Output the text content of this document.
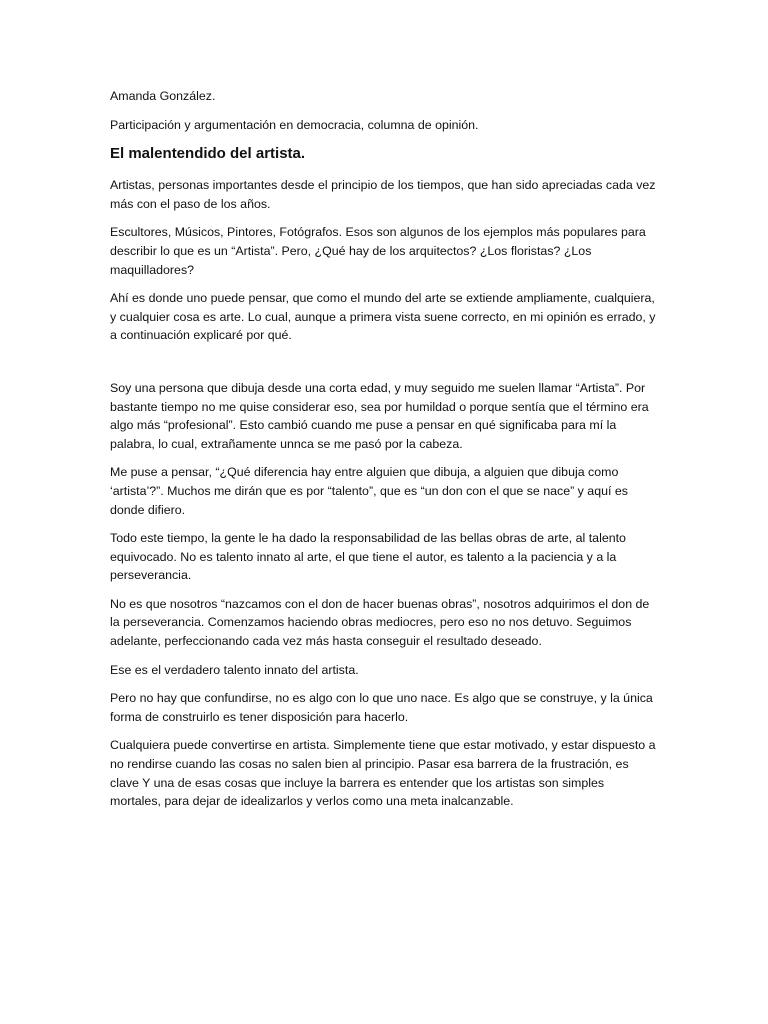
Amanda González.

Participación y argumentación en democracia, columna de opinión.

El malentendido del artista.

Artistas, personas importantes desde el principio de los tiempos, que han sido apreciadas cada vez más con el paso de los años.

Escultores, Músicos, Pintores, Fotógrafos. Esos son algunos de los ejemplos más populares para describir lo que es un “Artista”. Pero, ¿Qué hay de los arquitectos? ¿Los floristas? ¿Los maquilladores?

Ahí es donde uno puede pensar, que como el mundo del arte se extiende ampliamente, cualquiera, y cualquier cosa es arte. Lo cual, aunque a primera vista suene correcto, en mi opinión es errado, y a continuación explicaré por qué.

Soy una persona que dibuja desde una corta edad, y muy seguido me suelen llamar “Artista”. Por bastante tiempo no me quise considerar eso, sea por humildad o porque sentía que el término era algo más “profesional”. Esto cambió cuando me puse a pensar en qué significaba para mí la palabra, lo cual, extrañamente unnca se me pasó por la cabeza.

Me puse a pensar, “¿Qué diferencia hay entre alguien que dibuja, a alguien que dibuja como ‘artista’?”. Muchos me dirán que es por “talento”, que es “un don con el que se nace” y aquí es donde difiero.

Todo este tiempo, la gente le ha dado la responsabilidad de las bellas obras de arte, al talento equivocado. No es talento innato al arte, el que tiene el autor, es talento a la paciencia y a la perseverancia.

No es que nosotros “nazcamos con el don de hacer buenas obras”, nosotros adquirimos el don de la perseverancia. Comenzamos haciendo obras mediocres, pero eso no nos detuvo. Seguimos adelante, perfeccionando cada vez más hasta conseguir el resultado deseado.

Ese es el verdadero talento innato del artista.

Pero no hay que confundirse, no es algo con lo que uno nace. Es algo que se construye, y la única forma de construirlo es tener disposición para hacerlo.

Cualquiera puede convertirse en artista. Simplemente tiene que estar motivado, y estar dispuesto a no rendirse cuando las cosas no salen bien al principio. Pasar esa barrera de la frustración, es clave Y una de esas cosas que incluye la barrera es entender que los artistas son simples mortales, para dejar de idealizarlos y verlos como una meta inalcanzable.
